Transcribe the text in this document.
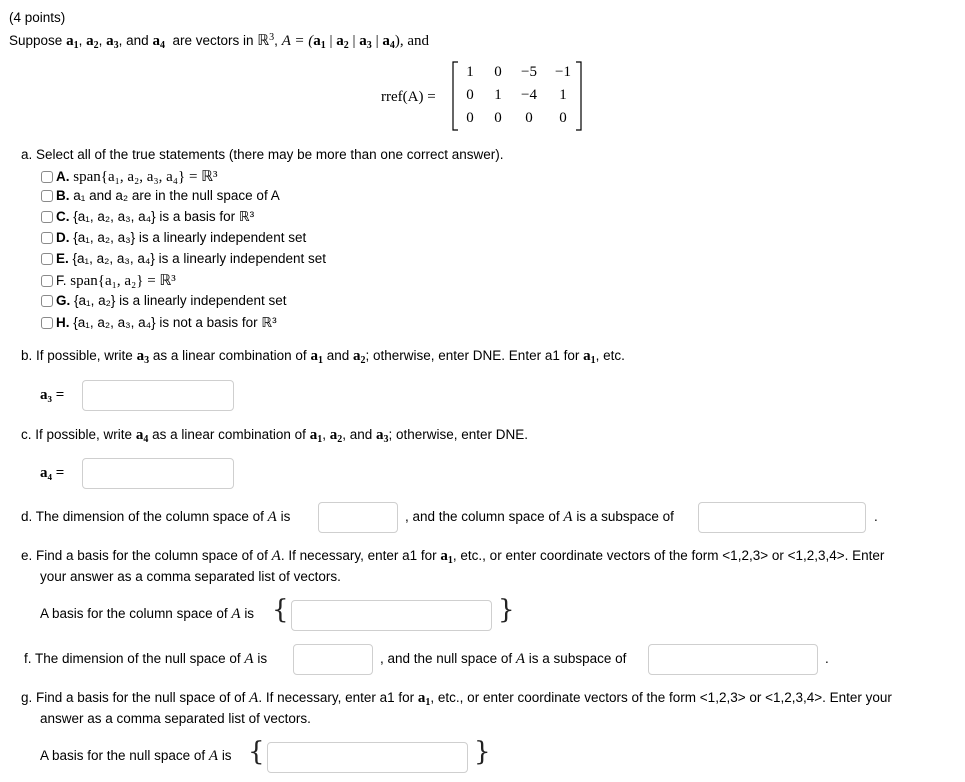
(4 points)
Suppose $a_1$, $a_2$, $a_3$, and $a_4$ are vectors in ℝ$^3$, $A = (a_1$ | $a_2$ | $a_3$ | $a_4$), and
rref(A) =
1	0	−5	−1
0	1	−4	1
0	0	0	0
a. Select all of the true statements (there may be more than one correct answer).
A. span{a₁, a₂, a₃, a₄} = ℝ³
B. a₁ and a₂ are in the null space of A
C. {a₁, a₂, a₃, a₄} is a basis for ℝ³
D. {a₁, a₂, a₃} is a linearly independent set
E. {a₁, a₂, a₃, a₄} is a linearly independent set
F. span{a₁, a₂} = ℝ³
G. {a₁, a₂} is a linearly independent set
H. {a₁, a₂, a₃, a₄} is not a basis for ℝ³
b. If possible, write $a_3$ as a linear combination of $a_1$ and $a_2$; otherwise, enter DNE. Enter a1 for $a_1$, etc.
a₃ =
c. If possible, write $a_4$ as a linear combination of $a_1$, $a_2$, and $a_3$; otherwise, enter DNE.
a₄ =
d. The dimension of the column space of A is	, and the column space of A is a subspace of	.
e. Find a basis for the column space of of A. If necessary, enter a1 for $a_1$, etc., or enter coordinate vectors of the form <1,2,3> or <1,2,3,4>. Enter
your answer as a comma separated list of vectors.
A basis for the column space of A is {	}
f. The dimension of the null space of A is	, and the null space of A is a subspace of	.
g. Find a basis for the null space of of A. If necessary, enter a1 for $a_1$, etc., or enter coordinate vectors of the form <1,2,3> or <1,2,3,4>. Enter your
answer as a comma separated list of vectors.
A basis for the null space of A is {	}
